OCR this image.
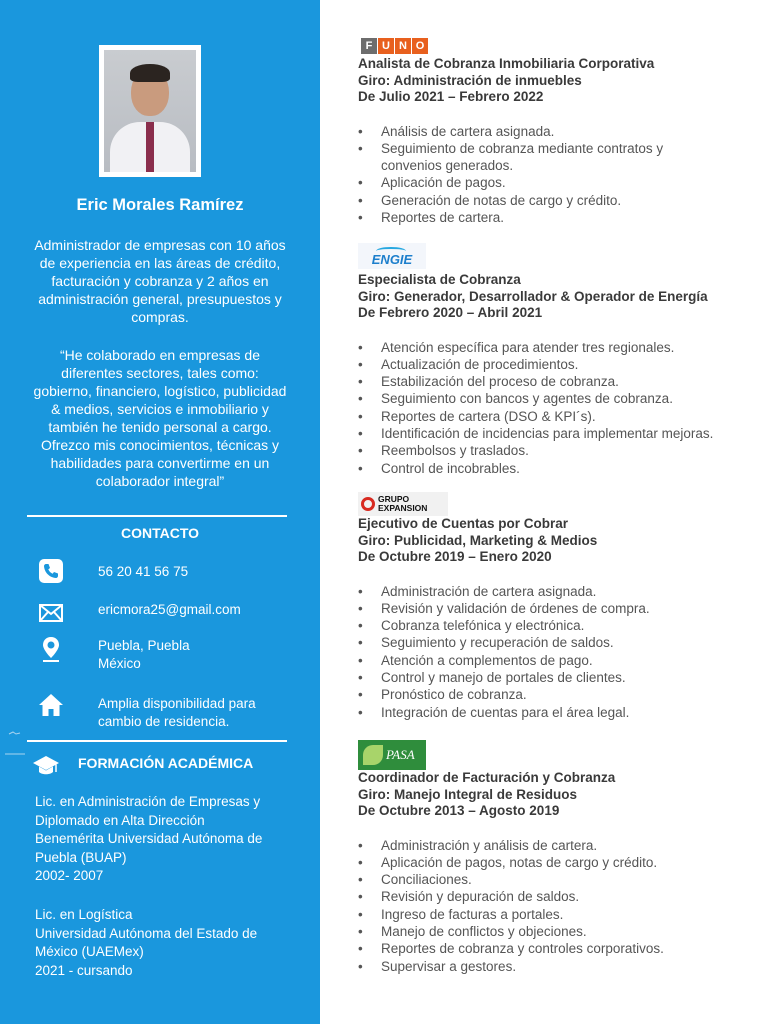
Eric Morales Ramírez
Administrador de empresas con 10 años de experiencia en las áreas de crédito, facturación y cobranza y 2 años en administración general, presupuestos y compras.
“He colaborado en empresas de diferentes sectores, tales como: gobierno, financiero, logístico, publicidad & medios, servicios e inmobiliario y también he tenido personal a cargo. Ofrezco mis conocimientos, técnicas y habilidades para convertirme en un colaborador integral”
CONTACTO
56 20 41 56 75
ericmora25@gmail.com
Puebla, Puebla
México
Amplia disponibilidad para
cambio de residencia.
FORMACIÓN ACADÉMICA
Lic. en Administración de Empresas y
Diplomado en Alta Dirección
Benemérita Universidad Autónoma de
Puebla (BUAP)
2002- 2007
Lic. en Logística
Universidad Autónoma del Estado de
México (UAEMex)
2021 - cursando
F U N O
Analista de Cobranza Inmobiliaria Corporativa
Giro: Administración de inmuebles
De Julio 2021 – Febrero 2022
• Análisis de cartera asignada.
• Seguimiento de cobranza mediante contratos y
convenios generados.
• Aplicación de pagos.
• Generación de notas de cargo y crédito.
• Reportes de cartera.
ENGIE
Especialista de Cobranza
Giro: Generador, Desarrollador & Operador de Energía
De Febrero 2020 – Abril 2021
• Atención específica para atender tres regionales.
• Actualización de procedimientos.
• Estabilización del proceso de cobranza.
• Seguimiento con bancos y agentes de cobranza.
• Reportes de cartera (DSO & KPI´s).
• Identificación de incidencias para implementar mejoras.
• Reembolsos y traslados.
• Control de incobrables.
GRUPO
EXPANSION
Ejecutivo de Cuentas por Cobrar
Giro: Publicidad, Marketing & Medios
De Octubre 2019 – Enero 2020
• Administración de cartera asignada.
• Revisión y validación de órdenes de compra.
• Cobranza telefónica y electrónica.
• Seguimiento y recuperación de saldos.
• Atención a complementos de pago.
• Control y manejo de portales de clientes.
• Pronóstico de cobranza.
• Integración de cuentas para el área legal.
PASA
Coordinador de Facturación y Cobranza
Giro: Manejo Integral de Residuos
De Octubre 2013 – Agosto 2019
• Administración y análisis de cartera.
• Aplicación de pagos, notas de cargo y crédito.
• Conciliaciones.
• Revisión y depuración de saldos.
• Ingreso de facturas a portales.
• Manejo de conflictos y objeciones.
• Reportes de cobranza y controles corporativos.
• Supervisar a gestores.
